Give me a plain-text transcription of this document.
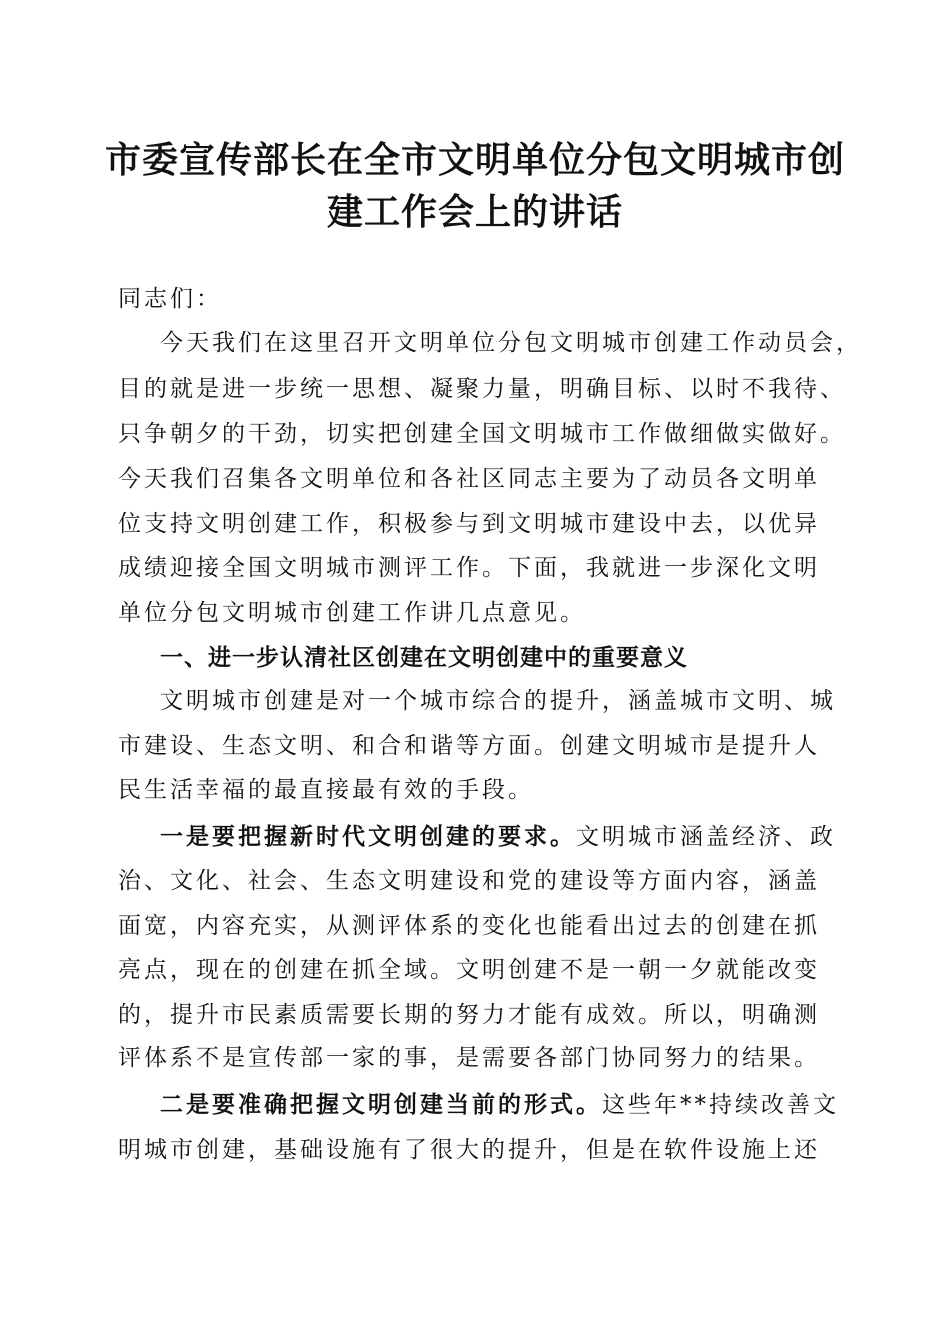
市委宣传部长在全市文明单位分包文明城市创
建工作会上的讲话
同志们：
今天我们在这里召开文明单位分包文明城市创建工作动员会，
目的就是进一步统一思想、凝聚力量，明确目标、以时不我待、
只争朝夕的干劲，切实把创建全国文明城市工作做细做实做好。
今天我们召集各文明单位和各社区同志主要为了动员各文明单
位支持文明创建工作，积极参与到文明城市建设中去，以优异
成绩迎接全国文明城市测评工作。下面，我就进一步深化文明
单位分包文明城市创建工作讲几点意见。
一、进一步认清社区创建在文明创建中的重要意义
文明城市创建是对一个城市综合的提升，涵盖城市文明、城
市建设、生态文明、和合和谐等方面。创建文明城市是提升人
民生活幸福的最直接最有效的手段。
一是要把握新时代文明创建的要求。文明城市涵盖经济、政
治、文化、社会、生态文明建设和党的建设等方面内容，涵盖
面宽，内容充实，从测评体系的变化也能看出过去的创建在抓
亮点，现在的创建在抓全域。文明创建不是一朝一夕就能改变
的，提升市民素质需要长期的努力才能有成效。所以，明确测
评体系不是宣传部一家的事，是需要各部门协同努力的结果。
二是要准确把握文明创建当前的形式。这些年**持续改善文
明城市创建，基础设施有了很大的提升，但是在软件设施上还
